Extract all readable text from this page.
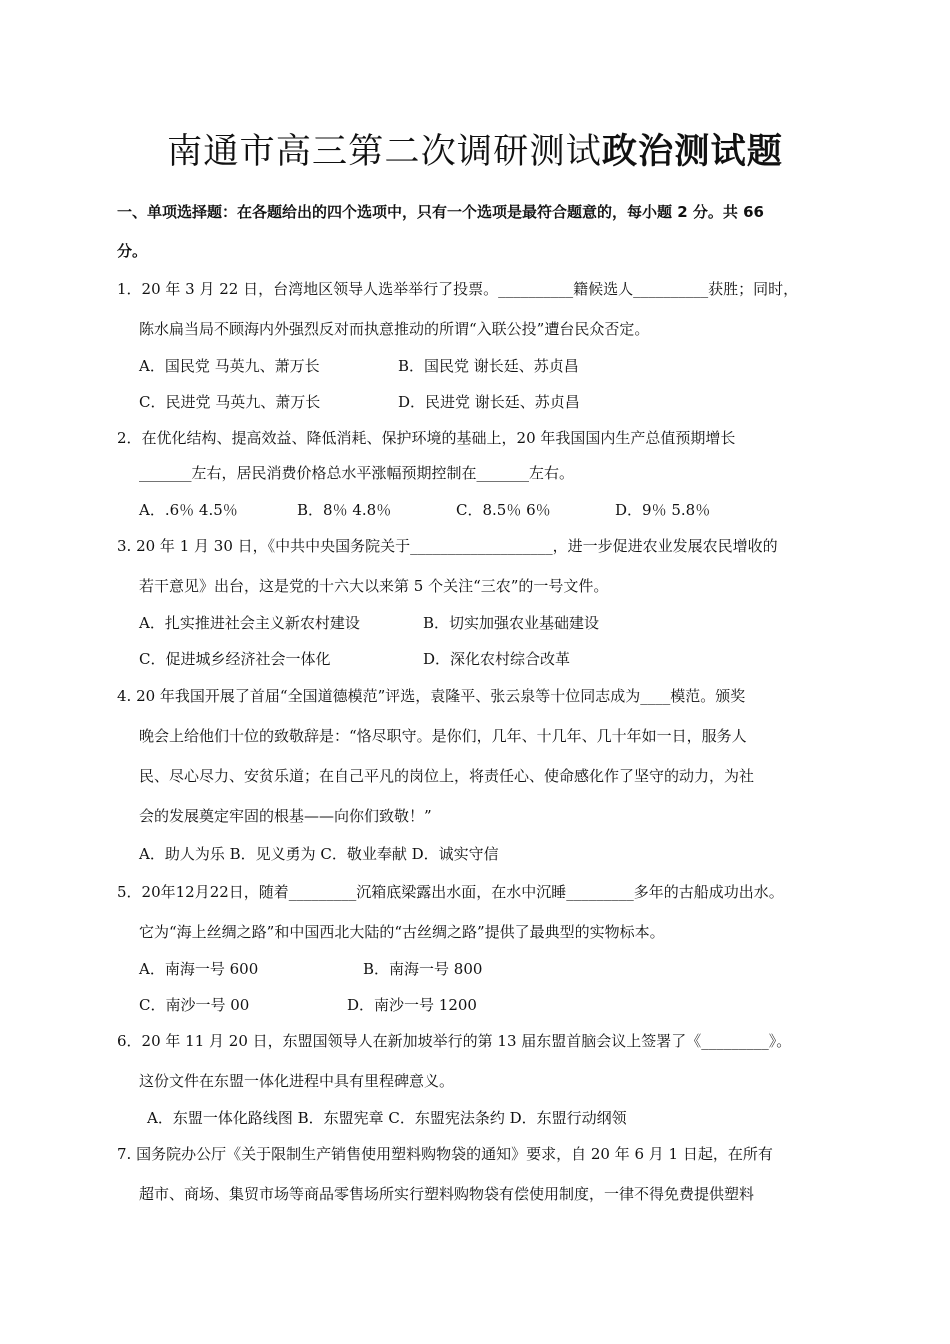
南通市高三第二次调研测试政治测试题
一、单项选择题：在各题给出的四个选项中，只有一个选项是最符合题意的，每小题 2 分。共 66
分。
1．20 年 3 月 22 日，台湾地区领导人选举举行了投票。__________籍候选人__________获胜；同时，
陈水扁当局不顾海内外强烈反对而执意推动的所谓“入联公投”遭台民众否定。
A．国民党 马英九、萧万长	B．国民党 谢长廷、苏贞昌
C．民进党 马英九、萧万长	D．民进党 谢长廷、苏贞昌
2．在优化结构、提高效益、降低消耗、保护环境的基础上，20 年我国国内生产总值预期增长
_______左右，居民消费价格总水平涨幅预期控制在_______左右。
A．.6％ 4.5％	B．8％ 4.8％	C．8.5％ 6％	D．9％ 5.8％
3. 20 年 1 月 30 日，《中共中央国务院关于___________________，进一步促进农业发展农民增收的
若干意见》出台，这是党的十六大以来第 5 个关注“三农”的一号文件。
A．扎实推进社会主义新农村建设	B．切实加强农业基础建设
C．促进城乡经济社会一体化	D．深化农村综合改革
4. 20 年我国开展了首届“全国道德模范”评选，袁隆平、张云泉等十位同志成为____模范。颁奖
晚会上给他们十位的致敬辞是：“恪尽职守。是你们，几年、十几年、几十年如一日，服务人
民、尽心尽力、安贫乐道；在自己平凡的岗位上，将责任心、使命感化作了坚守的动力，为社
会的发展奠定牢固的根基——向你们致敬！”
A．助人为乐 B．见义勇为 C．敬业奉献 D．诚实守信
5．20年12月22日，随着_________沉箱底梁露出水面，在水中沉睡_________多年的古船成功出水。
它为“海上丝绸之路”和中国西北大陆的“古丝绸之路”提供了最典型的实物标本。
A．南海一号 600	B．南海一号 800
C．南沙一号 00	D．南沙一号 1200
6．20 年 11 月 20 日，东盟国领导人在新加坡举行的第 13 届东盟首脑会议上签署了《_________》。
这份文件在东盟一体化进程中具有里程碑意义。
A．东盟一体化路线图 B．东盟宪章 C．东盟宪法条约 D．东盟行动纲领
7. 国务院办公厅《关于限制生产销售使用塑料购物袋的通知》要求，自 20 年 6 月 1 日起，在所有
超市、商场、集贸市场等商品零售场所实行塑料购物袋有偿使用制度，一律不得免费提供塑料
